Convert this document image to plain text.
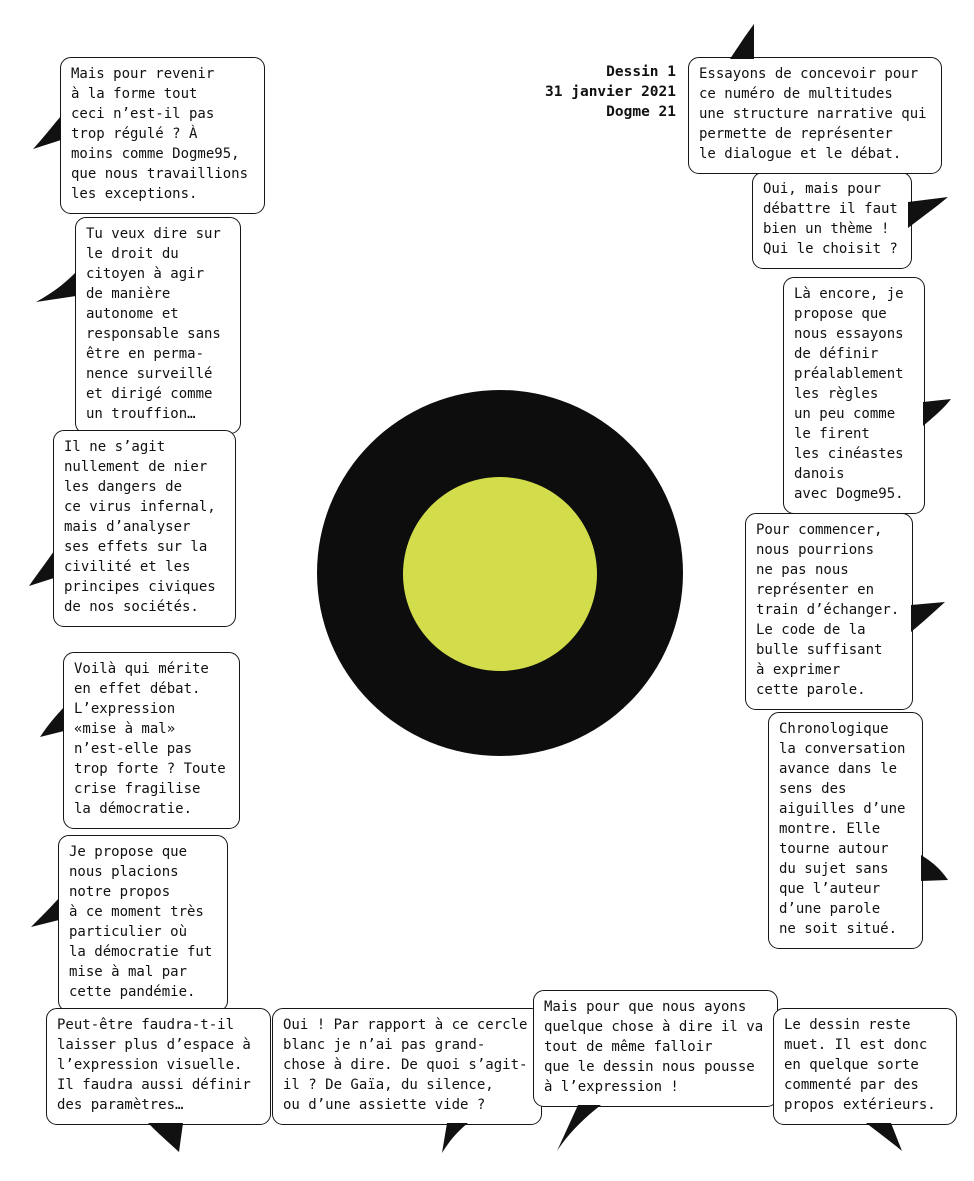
Dessin 1
31 janvier 2021
Dogme 21
Mais pour revenir
à la forme tout
ceci n’est-il pas
trop régulé ? À
moins comme Dogme95,
que nous travaillions
les exceptions.
Tu veux dire sur
le droit du
citoyen à agir
de manière
autonome et
responsable sans
être en perma-
nence surveillé
et dirigé comme
un trouffion…
Il ne s’agit
nullement de nier
les dangers de
ce virus infernal,
mais d’analyser
ses effets sur la
civilité et les
principes civiques
de nos sociétés.
Voilà qui mérite
en effet débat.
L’expression
«mise à mal»
n’est-elle pas
trop forte ? Toute
crise fragilise
la démocratie.
Je propose que
nous placions
notre propos
à ce moment très
particulier où
la démocratie fut
mise à mal par
cette pandémie.
Peut-être faudra-t-il
laisser plus d’espace à
l’expression visuelle.
Il faudra aussi définir
des paramètres…
Oui ! Par rapport à ce cercle
blanc je n’ai pas grand-
chose à dire. De quoi s’agit-
il ? De Gaïa, du silence,
ou d’une assiette vide ?
Mais pour que nous ayons
quelque chose à dire il va
tout de même falloir
que le dessin nous pousse
à l’expression !
Le dessin reste
muet. Il est donc
en quelque sorte
commenté par des
propos extérieurs.
Chronologique
la conversation
avance dans le
sens des
aiguilles d’une
montre. Elle
tourne autour
du sujet sans
que l’auteur
d’une parole
ne soit situé.
Pour commencer,
nous pourrions
ne pas nous
représenter en
train d’échanger.
Le code de la
bulle suffisant
à exprimer
cette parole.
Là encore, je
propose que
nous essayons
de définir
préalablement
les règles
un peu comme
le firent
les cinéastes
danois
avec Dogme95.
Oui, mais pour
débattre il faut
bien un thème !
Qui le choisit ?
Essayons de concevoir pour
ce numéro de multitudes
une structure narrative qui
permette de représenter
le dialogue et le débat.
